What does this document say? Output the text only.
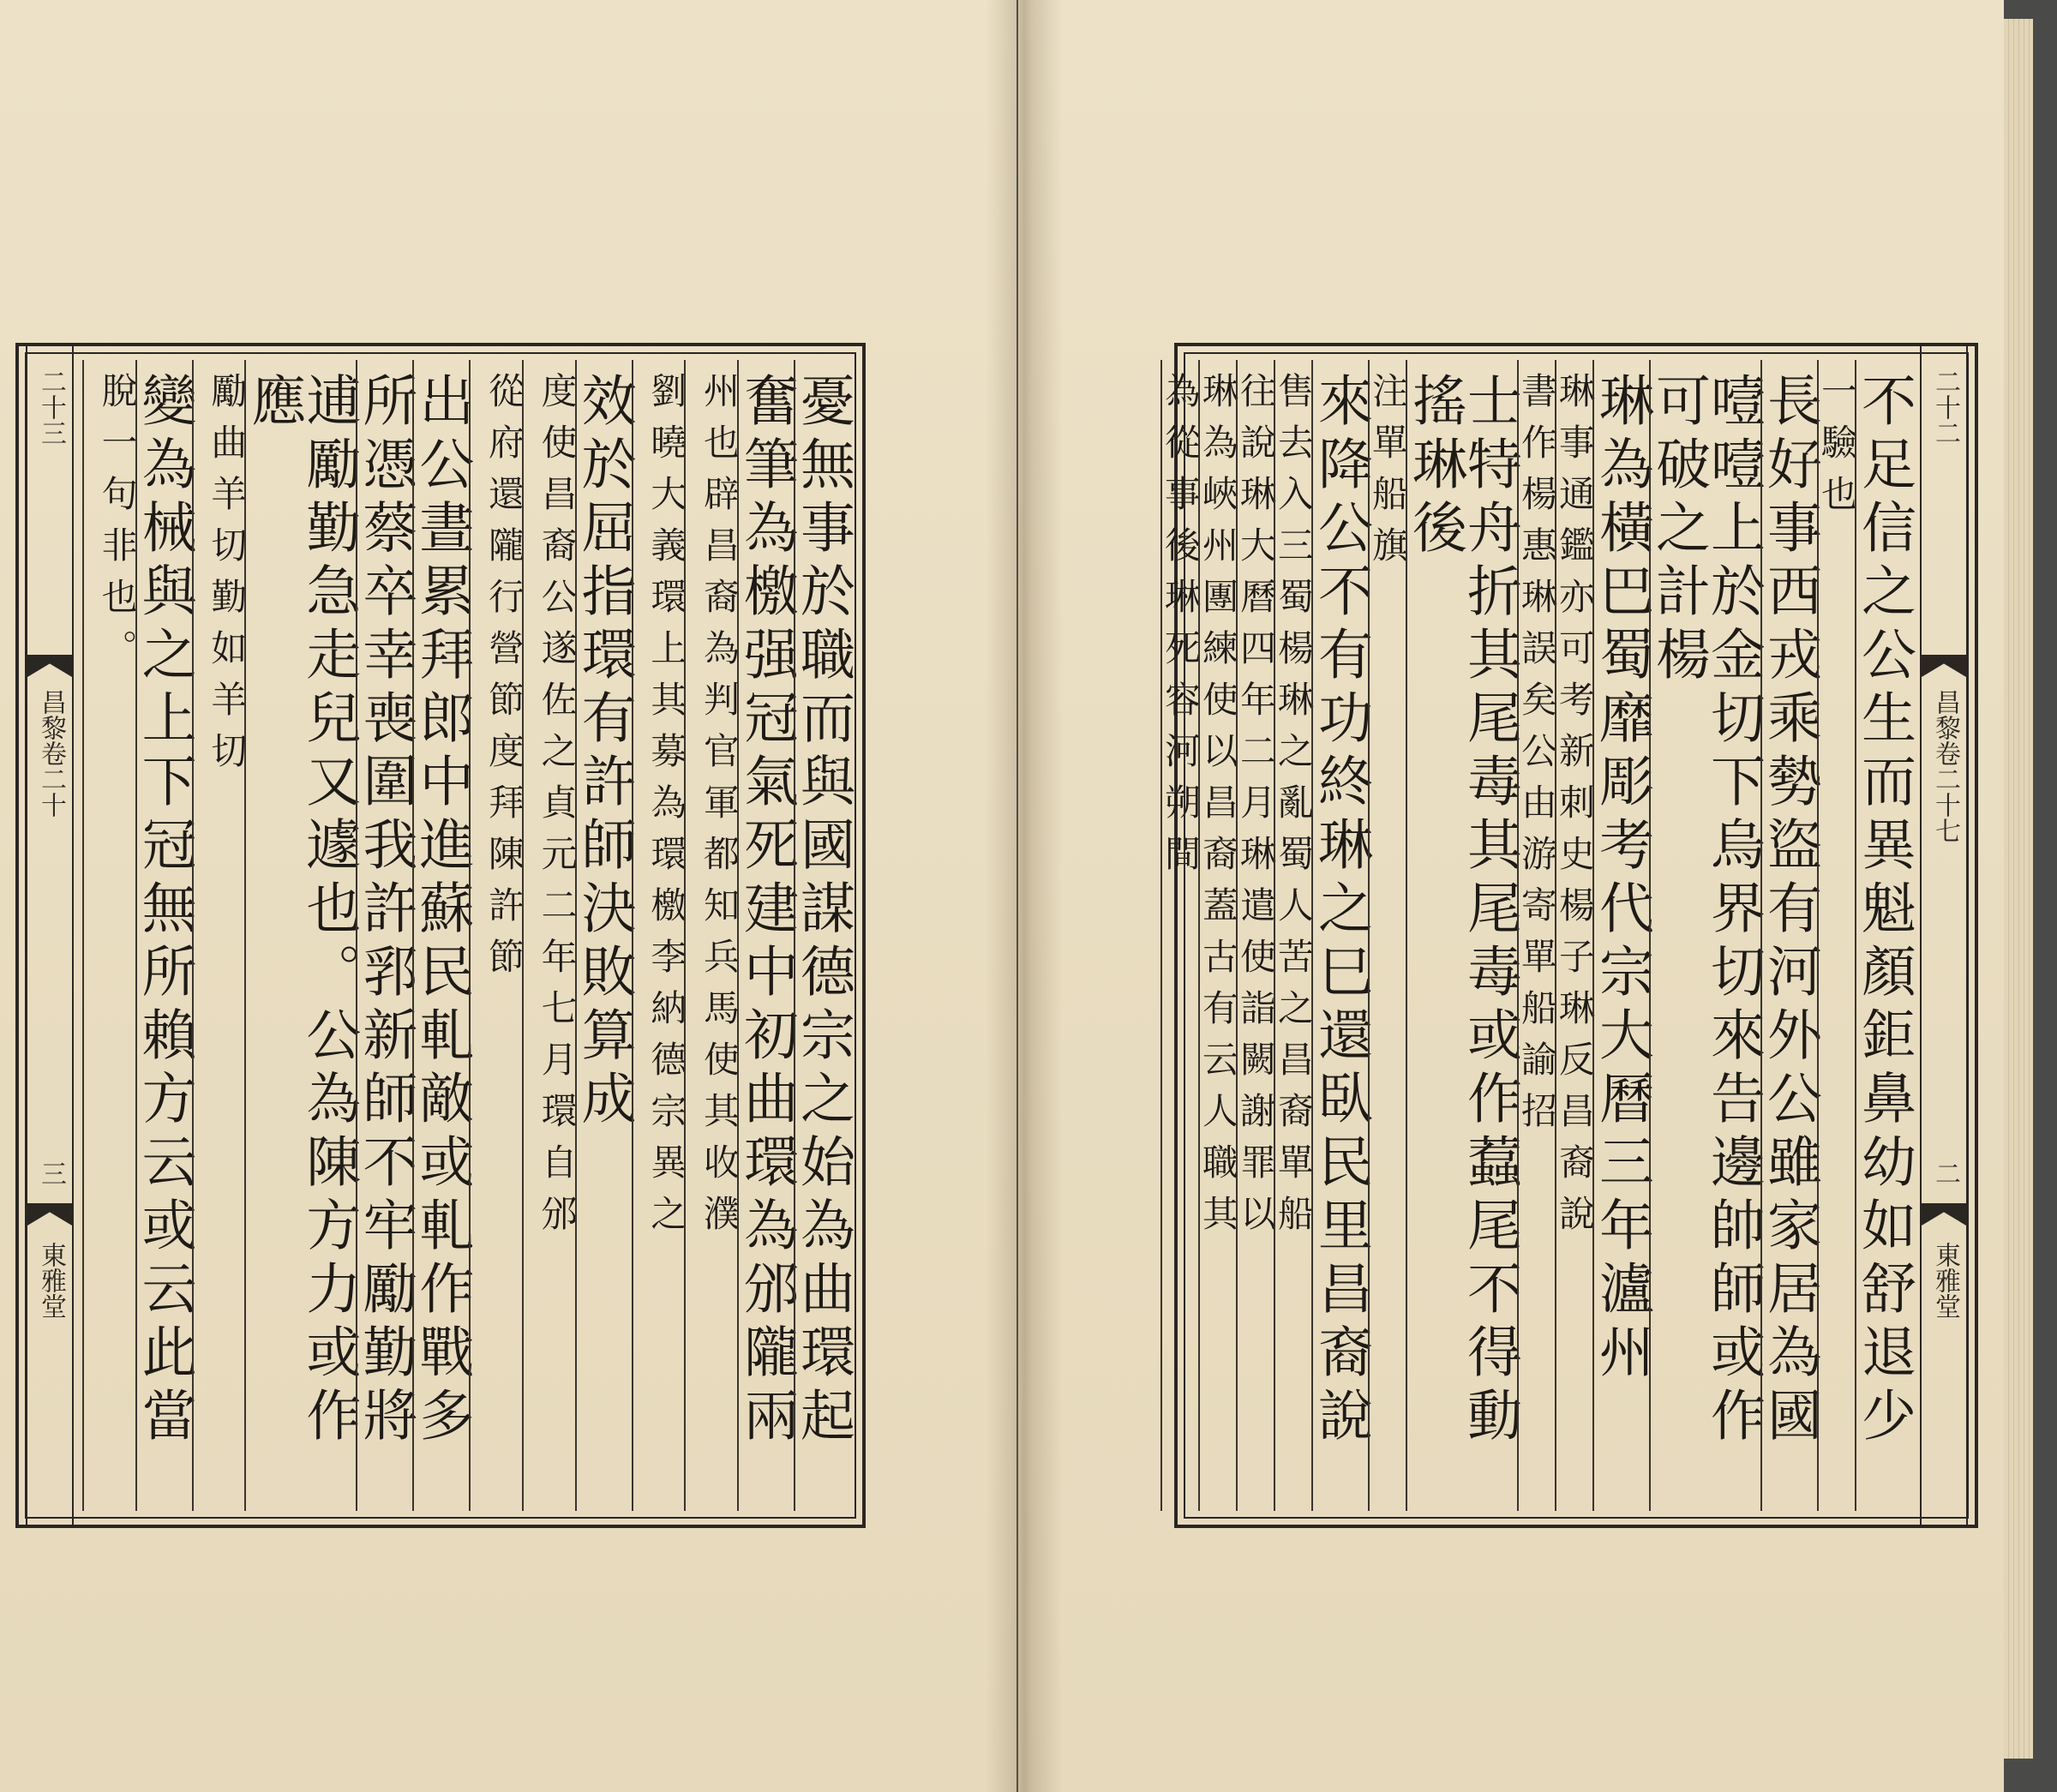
二十三
昌黎卷二十
三
東雅堂	憂無事於職而與國謀德宗之始為曲環起
奮筆為檄强冠氣死建中初曲環為邠隴兩
州也辟昌裔為判官軍都知兵馬使其收濮
劉曉大義環上其募為環檄李納德宗異之
效於屈指環有許師決敗算成
度使昌裔公遂佐之貞元二年七月環自邠
從府還隴行營節度拜陳許節
出公晝累拜郎中進蘇民軋敵或軋作戰多
所憑蔡卒幸喪圍我許郛新師不牢勵勤將
逋勵勤急走兒又遽也。公為陳方力或作應
勵曲羊切勤如羊切
變為械與之上下冠無所賴方云或云此當
脫一句非也。	二十二
昌黎卷二十七
二
東雅堂
不足信之公生而異魁顏鉅鼻幼如舒退少
一驗也
長好事西戎乘勢盜有河外公雖家居為國
噎噎上於金切下烏界切來告邊帥師或作可破之計楊
琳為橫巴蜀靡彫考代宗大曆三年瀘州
琳事通鑑亦可考新刺史楊子琳反昌裔說
書作楊惠琳誤矣公由游寄單船諭招
士特舟折其尾毒其尾毒或作蠚尾不得動搖琳後
注單船旗
來降公不有功終琳之巳還臥民里昌裔說
售去入三蜀楊琳之亂蜀人苦之昌裔單船
往說琳大曆四年二月琳遣使詣闕謝罪以
琳為峽州團練使以昌裔蓋古有云人職其
為從事後琳死容河朔間
